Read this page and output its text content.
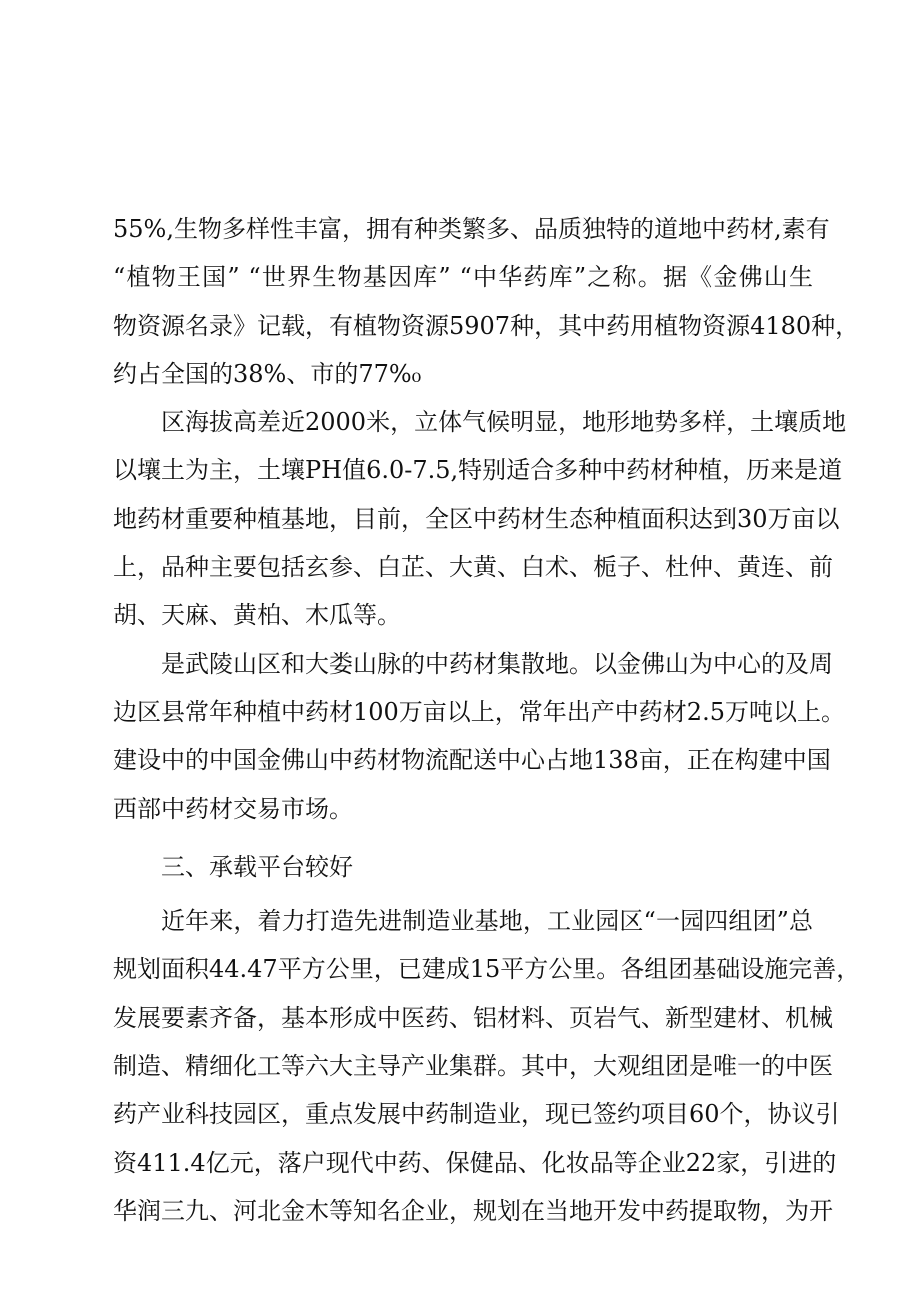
55%,生物多样性丰富，拥有种类繁多、品质独特的道地中药材,素有
“植物王国” “世界生物基因库” “中华药库”之称。据《金佛山生
物资源名录》记载，有植物资源5907种，其中药用植物资源4180种，
约占全国的38%、市的77%₀
区海拔高差近2000米，立体气候明显，地形地势多样，土壤质地
以壤土为主，土壤PH值6.0-7.5,特别适合多种中药材种植，历来是道
地药材重要种植基地，目前，全区中药材生态种植面积达到30万亩以
上，品种主要包括玄参、白芷、大黄、白术、栀子、杜仲、黄连、前
胡、天麻、黄柏、木瓜等。
是武陵山区和大娄山脉的中药材集散地。以金佛山为中心的及周
边区县常年种植中药材100万亩以上，常年出产中药材2.5万吨以上。
建设中的中国金佛山中药材物流配送中心占地138亩，正在构建中国
西部中药材交易市场。
三、承载平台较好
近年来，着力打造先进制造业基地，工业园区“一园四组团”总
规划面积44.47平方公里，已建成15平方公里。各组团基础设施完善，
发展要素齐备，基本形成中医药、铝材料、页岩气、新型建材、机械
制造、精细化工等六大主导产业集群。其中，大观组团是唯一的中医
药产业科技园区，重点发展中药制造业，现已签约项目60个，协议引
资411.4亿元，落户现代中药、保健品、化妆品等企业22家，引进的
华润三九、河北金木等知名企业，规划在当地开发中药提取物，为开
